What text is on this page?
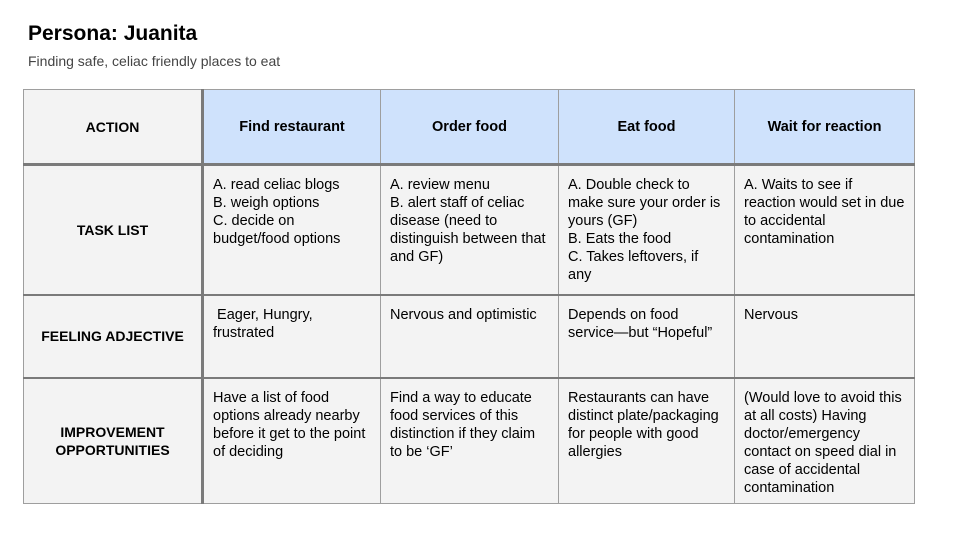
Persona: Juanita
Finding safe, celiac friendly places to eat
ACTION	Find restaurant	Order food	Eat food	Wait for reaction
TASK LIST	A. read celiac blogs
B. weigh options
C. decide on budget/food options	A. review menu
B. alert staff of celiac disease (need to distinguish between that and GF)	A. Double check to make sure your order is yours (GF)
B. Eats the food
C. Takes leftovers, if any	A. Waits to see if reaction would set in due to accidental contamination

FEELING ADJECTIVE	Eager, Hungry, frustrated	Nervous and optimistic	Depends on food service—but “Hopeful”	Nervous
IMPROVEMENT OPPORTUNITIES	Have a list of food options already nearby before it get to the point of deciding	Find a way to educate food services of this distinction if they claim to be ‘GF’	Restaurants can have distinct plate/packaging for people with good allergies	(Would love to avoid this at all costs) Having doctor/emergency contact on speed dial in case of accidental contamination
